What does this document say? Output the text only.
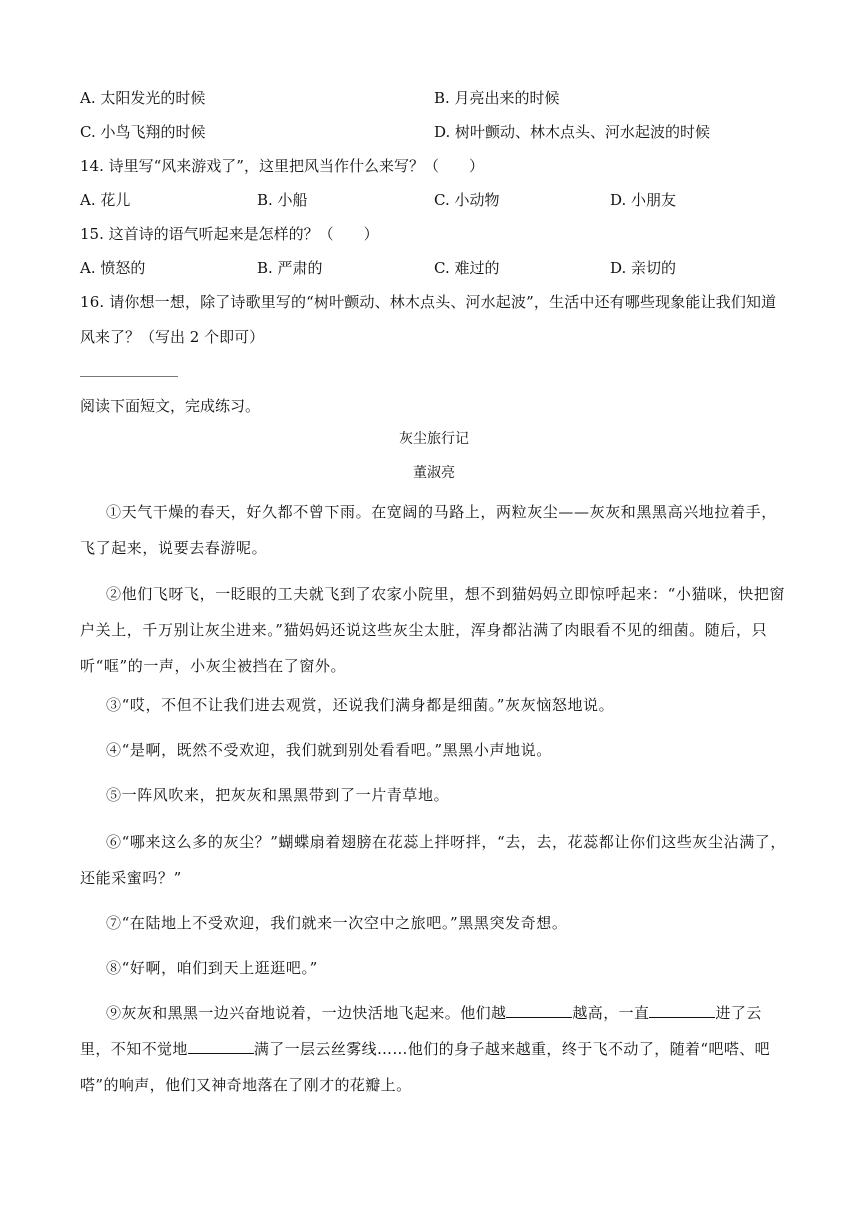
A. 太阳发光的时候	B. 月亮出来的时候
C. 小鸟飞翔的时候	D. 树叶颤动、林木点头、河水起波的时候
14. 诗里写“风来游戏了”，这里把风当作什么来写？（　　）
A. 花儿	B. 小船	C. 小动物	D. 小朋友
15. 这首诗的语气听起来是怎样的？（　　）
A. 愤怒的	B. 严肃的	C. 难过的	D. 亲切的
16. 请你想一想，除了诗歌里写的“树叶颤动、林木点头、河水起波”，生活中还有哪些现象能让我们知道
风来了？（写出 2 个即可）
阅读下面短文，完成练习。
灰尘旅行记
董淑亮
①天气干燥的春天，好久都不曾下雨。在宽阔的马路上，两粒灰尘——灰灰和黑黑高兴地拉着手，飞了起来，说要去春游呢。
②他们飞呀飞，一眨眼的工夫就飞到了农家小院里，想不到猫妈妈立即惊呼起来：“小猫咪，快把窗户关上，千万别让灰尘进来。”猫妈妈还说这些灰尘太脏，浑身都沾满了肉眼看不见的细菌。随后，只听“哐”的一声，小灰尘被挡在了窗外。
③“哎，不但不让我们进去观赏，还说我们满身都是细菌。”灰灰恼怒地说。
④“是啊，既然不受欢迎，我们就到别处看看吧。”黑黑小声地说。
⑤一阵风吹来，把灰灰和黑黑带到了一片青草地。
⑥“哪来这么多的灰尘？”蝴蝶扇着翅膀在花蕊上拌呀拌，“去，去，花蕊都让你们这些灰尘沾满了，还能采蜜吗？”
⑦“在陆地上不受欢迎，我们就来一次空中之旅吧。”黑黑突发奇想。
⑧“好啊，咱们到天上逛逛吧。”
⑨灰灰和黑黑一边兴奋地说着，一边快活地飞起来。他们越	越高，一直	进了云里，不知不觉地	满了一层云丝雾线……他们的身子越来越重，终于飞不动了，随着“吧嗒、吧嗒”的响声，他们又神奇地落在了刚才的花瓣上。
